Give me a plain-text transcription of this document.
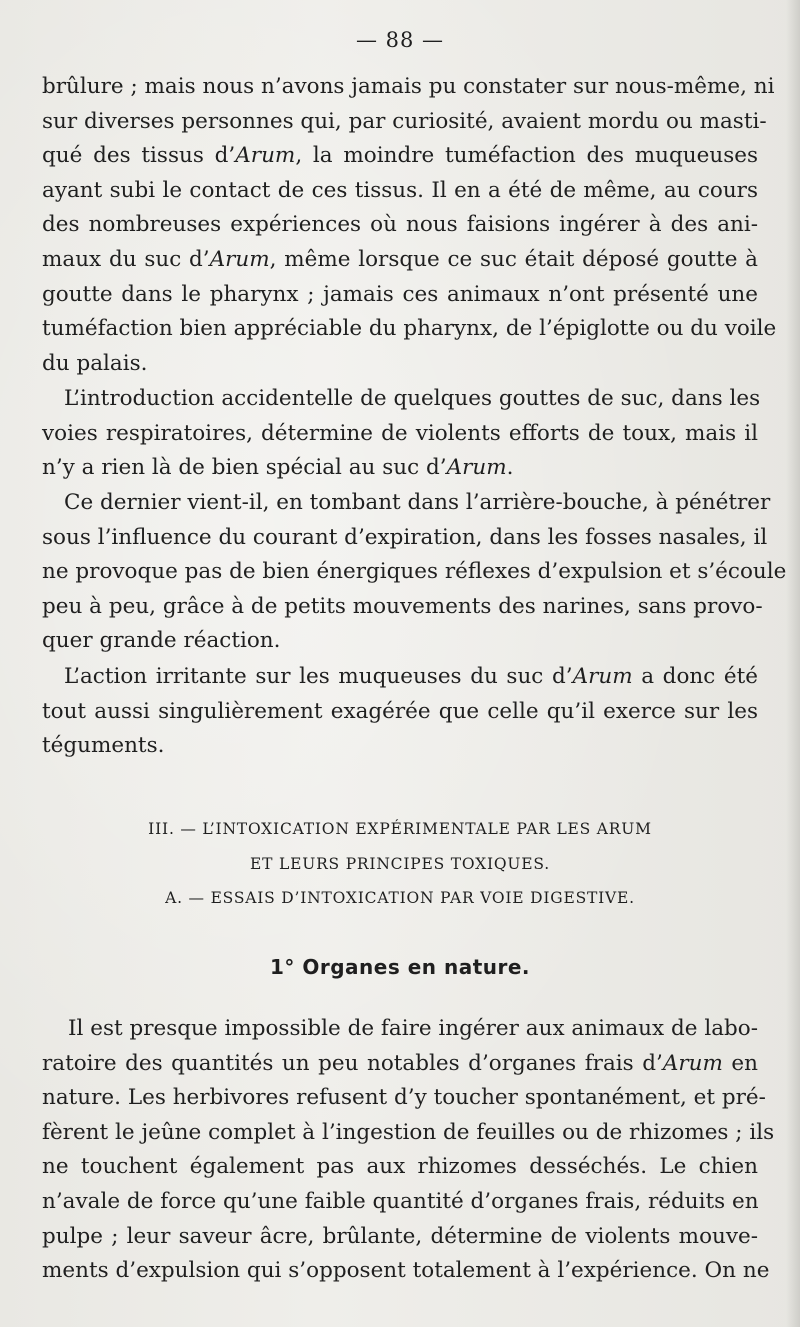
— 88 —
brûlure ; mais nous n’avons jamais pu constater sur nous-même, ni
sur diverses personnes qui, par curiosité, avaient mordu ou masti-
qué des tissus d’Arum, la moindre tuméfaction des muqueuses
ayant subi le contact de ces tissus. Il en a été de même, au cours
des nombreuses expériences où nous faisions ingérer à des ani-
maux du suc d’Arum, même lorsque ce suc était déposé goutte à
goutte dans le pharynx ; jamais ces animaux n’ont présenté une
tuméfaction bien appréciable du pharynx, de l’épiglotte ou du voile
du palais.
L’introduction accidentelle de quelques gouttes de suc, dans les
voies respiratoires, détermine de violents efforts de toux, mais il
n’y a rien là de bien spécial au suc d’Arum.
Ce dernier vient-il, en tombant dans l’arrière-bouche, à pénétrer
sous l’influence du courant d’expiration, dans les fosses nasales, il
ne provoque pas de bien énergiques réflexes d’expulsion et s’écoule
peu à peu, grâce à de petits mouvements des narines, sans provo-
quer grande réaction.
L’action irritante sur les muqueuses du suc d’Arum a donc été
tout aussi singulièrement exagérée que celle qu’il exerce sur les
téguments.
III. — L’INTOXICATION EXPÉRIMENTALE PAR LES ARUM
ET LEURS PRINCIPES TOXIQUES.
A. — ESSAIS D’INTOXICATION PAR VOIE DIGESTIVE.
1° Organes en nature.
Il est presque impossible de faire ingérer aux animaux de labo-
ratoire des quantités un peu notables d’organes frais d’Arum en
nature. Les herbivores refusent d’y toucher spontanément, et pré-
fèrent le jeûne complet à l’ingestion de feuilles ou de rhizomes ; ils
ne touchent également pas aux rhizomes desséchés. Le chien
n’avale de force qu’une faible quantité d’organes frais, réduits en
pulpe ; leur saveur âcre, brûlante, détermine de violents mouve-
ments d’expulsion qui s’opposent totalement à l’expérience. On ne
